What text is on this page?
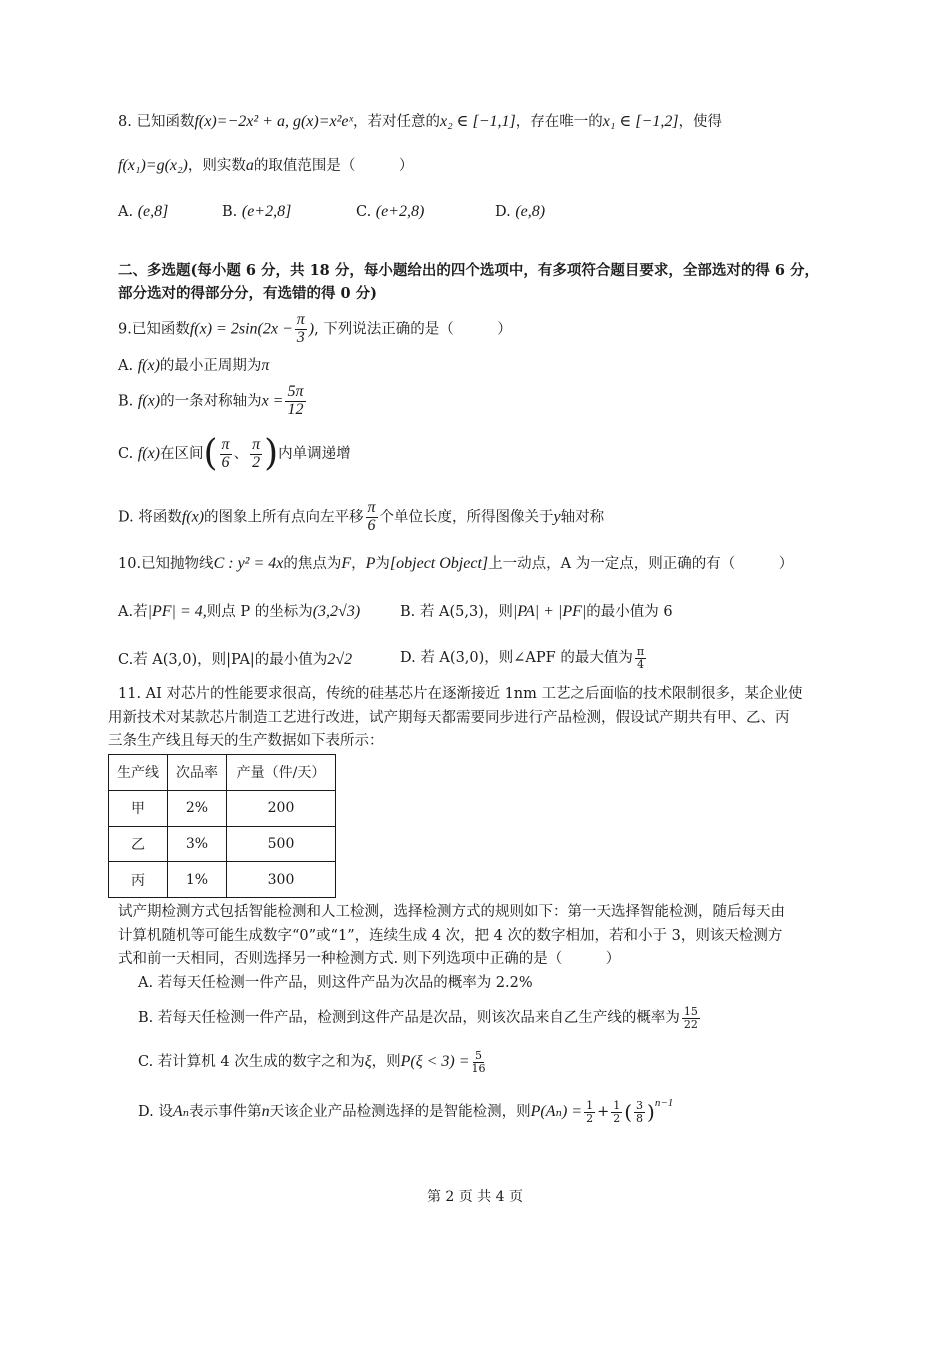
8. 已知函数f(x)=−2x² + a, g(x)=x²eˣ，若对任意的x₂ ∈ [−1,1]，存在唯一的x₁ ∈ [−1,2]，使得
f(x₁)=g(x₂)，则实数a的取值范围是（　　　）
A. (e,8]	B. (e+2,8]	C. (e+2,8)	D. (e,8)
二、多选题(每小题 6 分，共 18 分，每小题给出的四个选项中，有多项符合题目要求，全部选对的得 6 分，
部分选对的得部分分，有选错的得 0 分)
9.已知函数$f(x) = 2\sin(2x - \frac{\pi}{3}$ ), 下列说法正确的是（　　　）
A. f(x)的最小正周期为π
B. f(x)的一条对称轴为$x = \frac{5\pi}{12}$
C. f(x)在区间( $\frac{\pi}{6}$ 、 $\frac{\pi}{2}$ )内单调递增
D. 将函数f(x)的图象上所有点向左平移 $\frac{\pi}{6}$ 个单位长度，所得图像关于y轴对称
10.已知抛物线C : y² = 4x的焦点为F，P为[object Object]上一动点，A 为一定点，则正确的有（　　　）
A.若|PF| = 4,则点 P 的坐标为(3,2√3)	B. 若 A(5,3)，则|PA| + |PF|的最小值为 6
C.若 A(3,0)，则|PA|的最小值为2√2	D. 若 A(3,0)，则∠APF 的最大值为 $\frac{\pi}{4}$
11. AI 对芯片的性能要求很高，传统的硅基芯片在逐渐接近 1nm 工艺之后面临的技术限制很多，某企业使
用新技术对某款芯片制造工艺进行改进，试产期每天都需要同步进行产品检测，假设试产期共有甲、乙、丙
三条生产线且每天的生产数据如下表所示：
生产线	次品率	产量（件/天）
甲	2%	200
乙	3%	500
丙	1%	300
试产期检测方式包括智能检测和人工检测，选择检测方式的规则如下：第一天选择智能检测，随后每天由
计算机随机等可能生成数字“0”或“1”，连续生成 4 次，把 4 次的数字相加，若和小于 3，则该天检测方
式和前一天相同，否则选择另一种检测方式. 则下列选项中正确的是（　　　）
A. 若每天任检测一件产品，则这件产品为次品的概率为 2.2%
B. 若每天任检测一件产品，检测到这件产品是次品，则该次品来自乙生产线的概率为 $\frac{15}{22}$
C. 若计算机 4 次生成的数字之和为ξ，则$P(\xi < 3) = \frac{5}{16}$
D. 设Aₙ表示事件第n天该企业产品检测选择的是智能检测，则$P(A_n) = \frac{1}{2} + \frac{1}{2}$ ( $\frac{3}{8} )^{n-1}$
第 2 页 共 4 页
